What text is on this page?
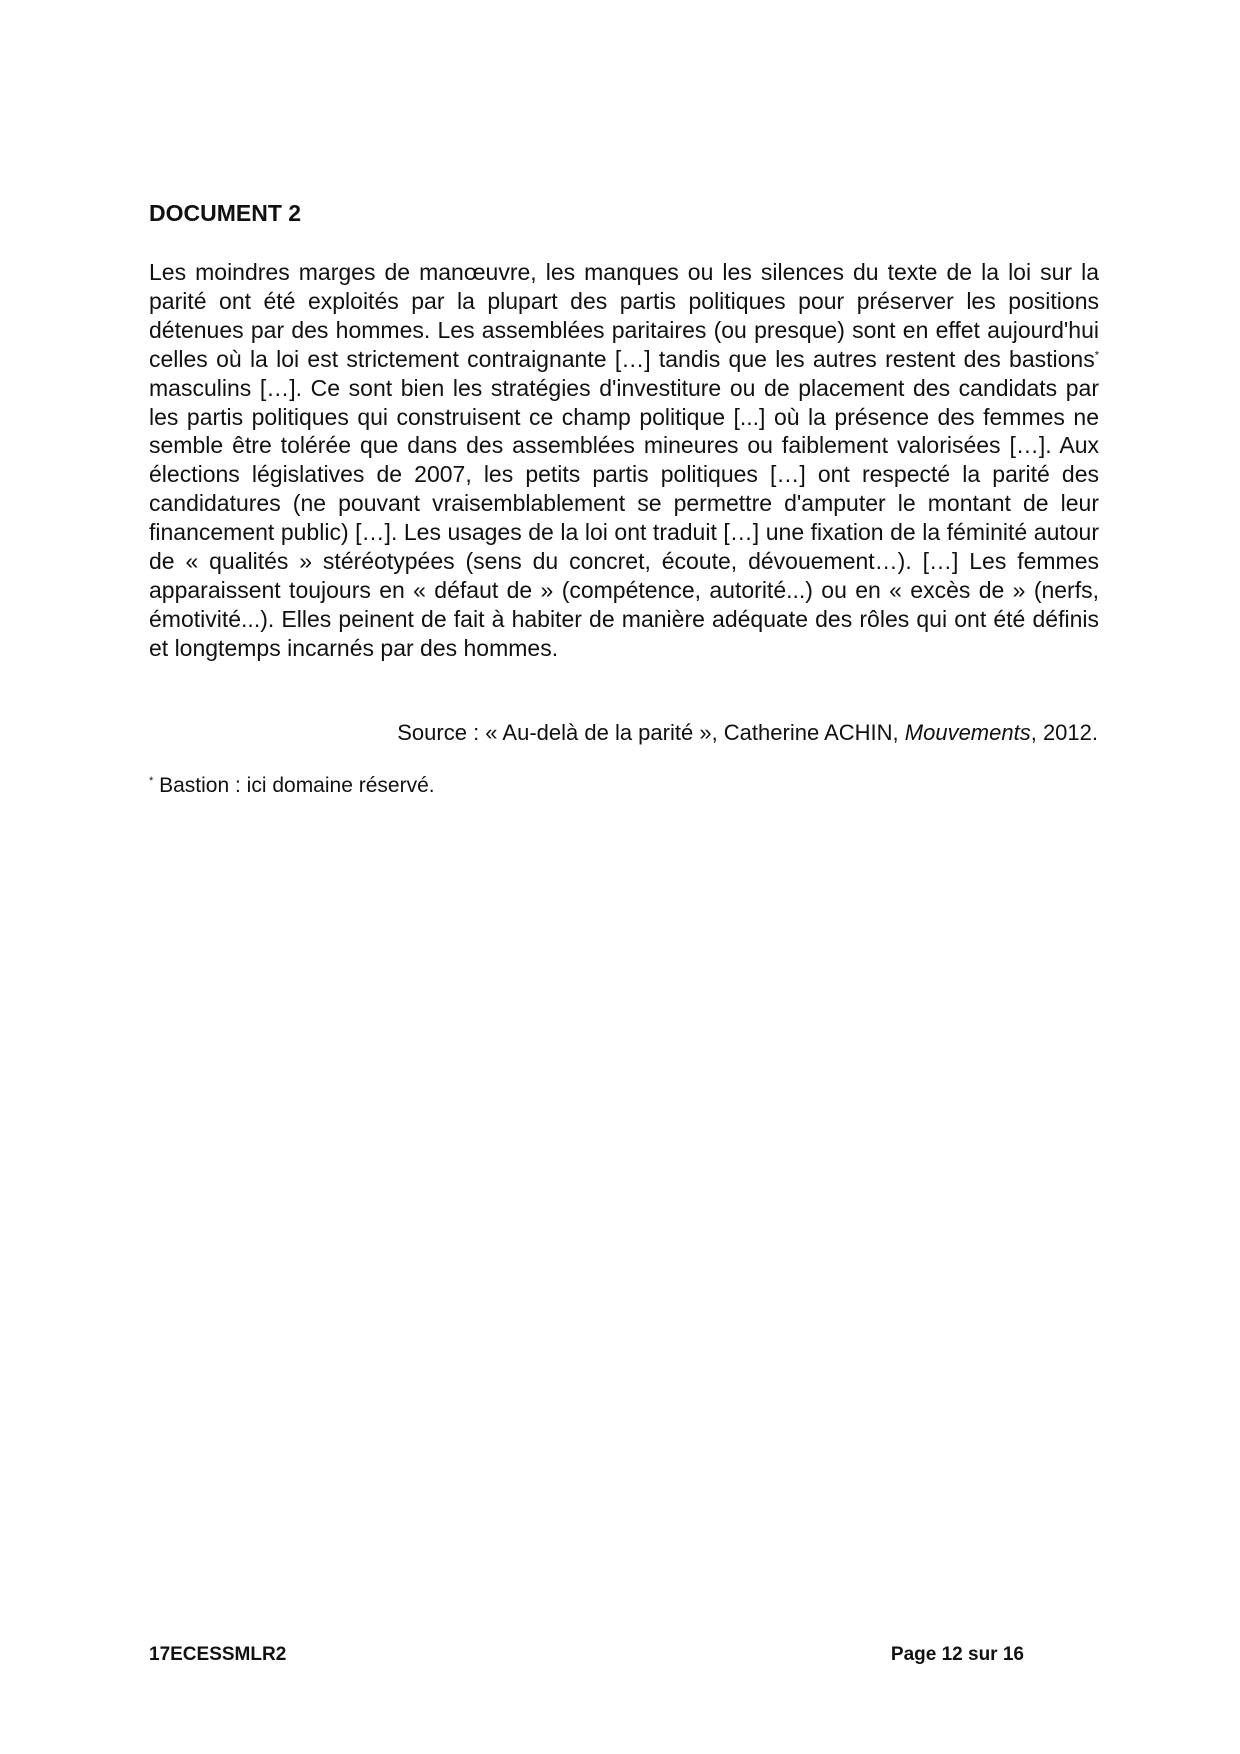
DOCUMENT 2

Les moindres marges de manœuvre, les manques ou les silences du texte de la loi sur la parité ont été exploités par la plupart des partis politiques pour préserver les positions détenues par des hommes. Les assemblées paritaires (ou presque) sont en effet aujourd'hui celles où la loi est strictement contraignante […] tandis que les autres restent des bastions* masculins […]. Ce sont bien les stratégies d'investiture ou de placement des candidats par les partis politiques qui construisent ce champ politique [...] où la présence des femmes ne semble être tolérée que dans des assemblées mineures ou faiblement valorisées […]. Aux élections législatives de 2007, les petits partis politiques […] ont respecté la parité des candidatures (ne pouvant vraisemblablement se permettre d'amputer le montant de leur financement public) […]. Les usages de la loi ont traduit […] une fixation de la féminité autour de « qualités » stéréotypées (sens du concret, écoute, dévouement…). […] Les femmes apparaissent toujours en « défaut de » (compétence, autorité...) ou en « excès de » (nerfs, émotivité...). Elles peinent de fait à habiter de manière adéquate des rôles qui ont été définis et longtemps incarnés par des hommes.

Source : « Au-delà de la parité », Catherine ACHIN, Mouvements, 2012.

* Bastion : ici domaine réservé.

17ECESSMLR2	Page 12 sur 16
